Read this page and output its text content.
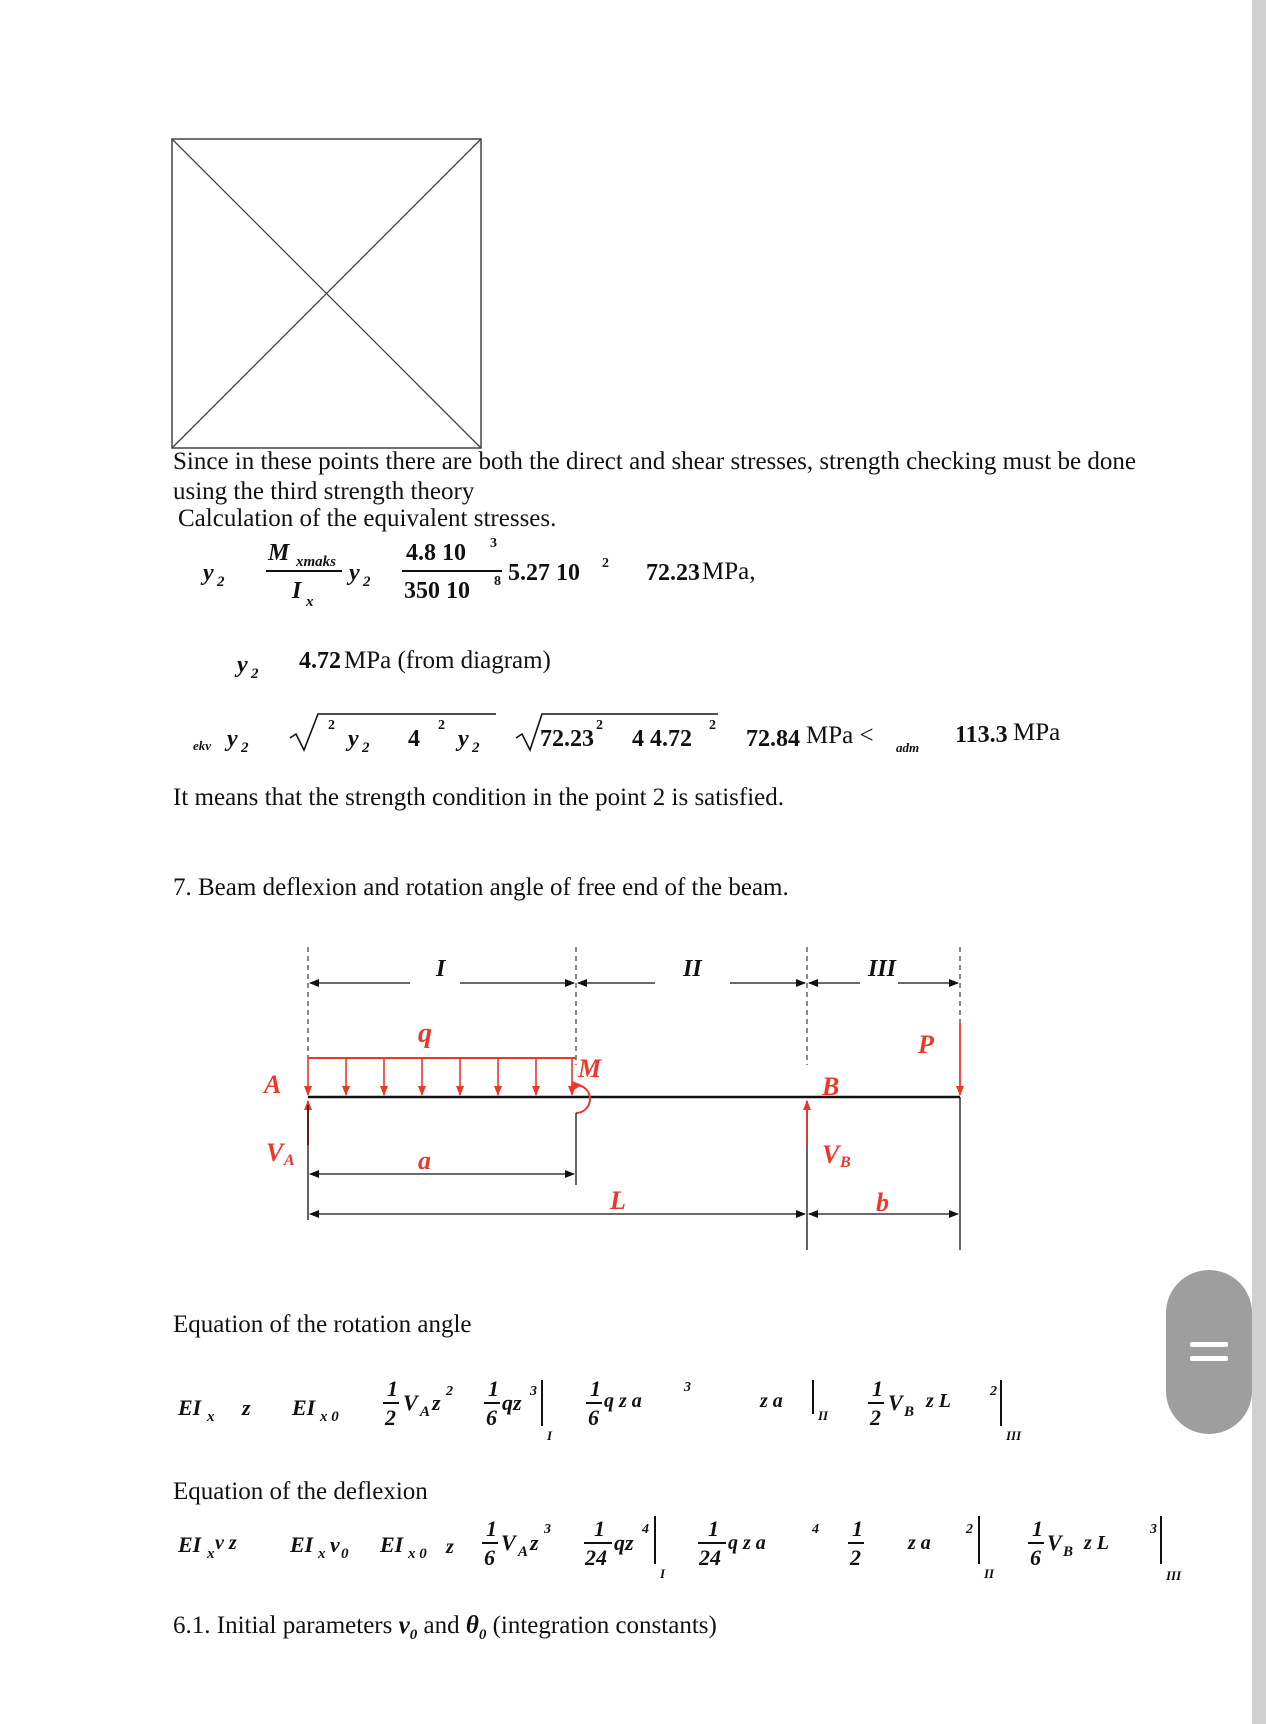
Since in these points there are both the direct and shear stresses, strength checking must be done
using the third strength theory
Calculation of the equivalent stresses.
y 2
M xmaks
I x
y 2
4.8 10 3
350 10 8 5.27 10 2 72.23 MPa,
y 2 4.72 MPa (from diagram)
ekv y 2
2
y 2 4
2
y 2	72.23
2
4 4.72
2
72.84 MPa < adm 113.3 MPa
It means that the strength condition in the point 2 is satisfied.
7. Beam deflexion and rotation angle of free end of the beam.
I	II	III
q
M
A	B
P
V A	V B
a
L	b
Equation of the rotation angle
EI x z EI x 0
1
2
V A z 2 1
6
qz 3
I
1
6
q z a
3
z a
II
1
2
V B z L	2
III
Equation of the deflexion
EI x v z EI x v 0 EI x 0 z
1
6
V A z
3 1
24
qz
4
I
1
24
q z a
4 1
2
z a
2
II
1
6
V B z L
3
III
6.1. Initial parameters $v_0$ and $\theta_0$ (integration constants)
